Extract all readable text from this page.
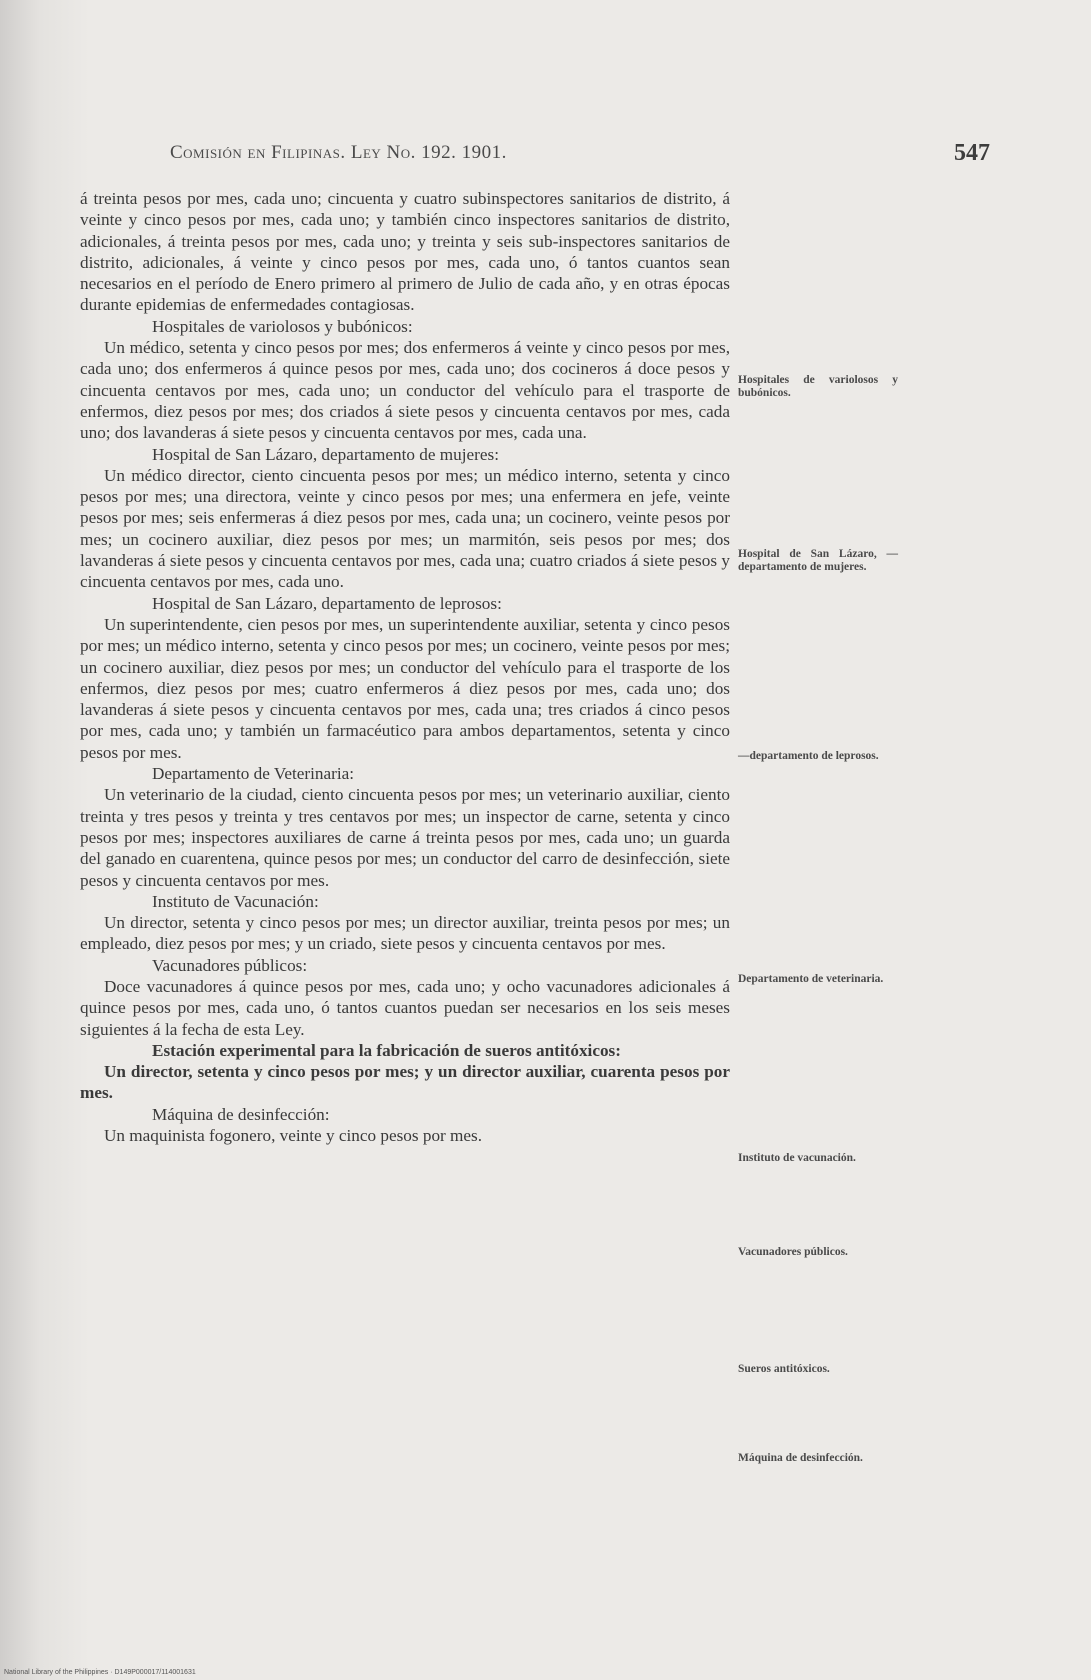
Comisión en Filipinas. Ley No. 192. 1901.	547

á treinta pesos por mes, cada uno; cincuenta y cuatro subinspectores sanitarios de distrito, á veinte y cinco pesos por mes, cada uno; y también cinco inspectores sanitarios de distrito, adicionales, á treinta pesos por mes, cada uno; y treinta y seis sub-inspectores sanitarios de distrito, adicionales, á veinte y cinco pesos por mes, cada uno, ó tantos cuantos sean necesarios en el período de Enero primero al primero de Julio de cada año, y en otras épocas durante epidemias de enfermedades contagiosas.

Hospitales de variolosos y bubónicos:

Un médico, setenta y cinco pesos por mes; dos enfermeros á veinte y cinco pesos por mes, cada uno; dos enfermeros á quince pesos por mes, cada uno; dos cocineros á doce pesos y cincuenta centavos por mes, cada uno; un conductor del vehículo para el trasporte de enfermos, diez pesos por mes; dos criados á siete pesos y cincuenta centavos por mes, cada uno; dos lavanderas á siete pesos y cincuenta centavos por mes, cada una.

Hospital de San Lázaro, departamento de mujeres:

Un médico director, ciento cincuenta pesos por mes; un médico interno, setenta y cinco pesos por mes; una directora, veinte y cinco pesos por mes; una enfermera en jefe, veinte pesos por mes; seis enfermeras á diez pesos por mes, cada una; un cocinero, veinte pesos por mes; un cocinero auxiliar, diez pesos por mes; un marmitón, seis pesos por mes; dos lavanderas á siete pesos y cincuenta centavos por mes, cada una; cuatro criados á siete pesos y cincuenta centavos por mes, cada uno.

Hospital de San Lázaro, departamento de leprosos:

Un superintendente, cien pesos por mes, un superintendente auxiliar, setenta y cinco pesos por mes; un médico interno, setenta y cinco pesos por mes; un cocinero, veinte pesos por mes; un cocinero auxiliar, diez pesos por mes; un conductor del vehículo para el trasporte de los enfermos, diez pesos por mes; cuatro enfermeros á diez pesos por mes, cada uno; dos lavanderas á siete pesos y cincuenta centavos por mes, cada una; tres criados á cinco pesos por mes, cada uno; y también un farmacéutico para ambos departamentos, setenta y cinco pesos por mes.

Departamento de Veterinaria:

Un veterinario de la ciudad, ciento cincuenta pesos por mes; un veterinario auxiliar, ciento treinta y tres pesos y treinta y tres centavos por mes; un inspector de carne, setenta y cinco pesos por mes; inspectores auxiliares de carne á treinta pesos por mes, cada uno; un guarda del ganado en cuarentena, quince pesos por mes; un conductor del carro de desinfección, siete pesos y cincuenta centavos por mes.

Instituto de Vacunación:

Un director, setenta y cinco pesos por mes; un director auxiliar, treinta pesos por mes; un empleado, diez pesos por mes; y un criado, siete pesos y cincuenta centavos por mes.

Vacunadores públicos:

Doce vacunadores á quince pesos por mes, cada uno; y ocho vacunadores adicionales á quince pesos por mes, cada uno, ó tantos cuantos puedan ser necesarios en los seis meses siguientes á la fecha de esta Ley.

Estación experimental para la fabricación de sueros antitóxicos:

Un director, setenta y cinco pesos por mes; y un director auxiliar, cuarenta pesos por mes.

Máquina de desinfección:

Un maquinista fogonero, veinte y cinco pesos por mes.

Hospitales de variolosos y bubónicos.
Hospital de San Lázaro, —departamento de mujeres.
—departamento de leprosos.
Departamento de veterinaria.
Instituto de vacunación.
Vacunadores públicos.
Sueros antitóxicos.
Máquina de desinfección.
National Library of the Philippines · D149P000017/114001631
